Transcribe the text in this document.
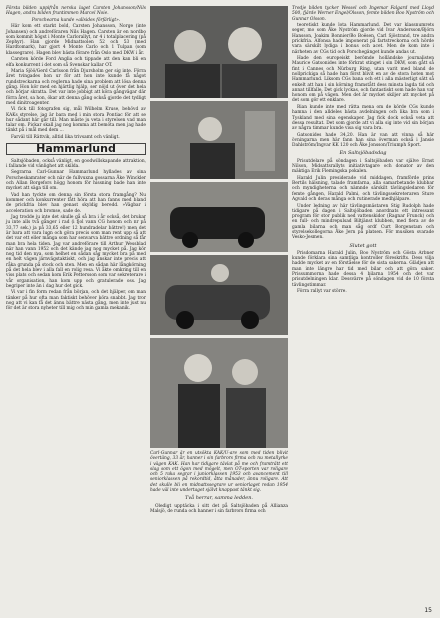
Första bilden uppifrån nerska laget Carsten Johansson/Nils Hagen, andra bilden fruntimmen Marcel Noie.

Porschearna kunde »allsides förfärligt».

Här kom ett starkt bold, Carsten Johansson, Norge (inte Johansen) och andreföraren Nils Hagen. Carsten är en nordbo som kommit högst i Monte Carlorallyt, nr 4 i totalplacering (på Zephyr). Han gjorde Midnattsolen 52 och 53 (med Hardtomark), har gjort 4 Monte Carlo och 1 Tulpan (som klassegrare). Hagen blev bästa förare från Oslo med DKW i år.

Carsten körde Ford Anglia och tippade att den kan bli en elfa konkurrent i det som så Svenskar kallar OT.

Maria Sjöö/Gerd Carlsson från Djursholm ger sig inte. Förra året tvingades hon ur för att hon inte kunde få något rundstreckarna och reglerna hade sina problem att lösa denna gång. Hon kör med en hjärtlig hjälp, ser nöjd ut över det hela och börjar skratta. Det var inte jobbigt att köra gångvägar där förra året, sa hon, ökar att denna gång också gjorde det tydligt med dinitroagenter.

Vi fick till fotografen sig, mål Wilhelm Kruse, behövd av KAKs styrelse, jag är bara med i min stora Pontiac för att se hur sådant här går till. Man måste ju veta i styrelsen vad man talar om. Pickar skall jag nog komma att bemöta men jag hade tänkt på i mål med dem ...

Farväl till Rättvik, alltid lika trivsamt och vänligt.

Hammarlund

Saltsjöbaden, också vänligt, en goodwillskapande attraktion, i fallande vid vänlighet att skilda.

Segrarna Carl-Gunnar Hammarlund hyllades av sina Porscheskamrater och när de fullvuxna gossarna Åke Winckler och Allan Borgefors högg honom för hissning bade han inte mycket att säga till om.

Vad han tyckte om denna sin första stora framgång? Nu kommer och konkurrenter fått höra att han fanns med bland de prickfria blev han genast skyldig beredd. »Vägbar i acceleration och bromse, sade de.

Jag trodde ju inte det skulle gå så bra i år också, det brukar ju inte alls två gånger i rad (i fjol vann CG honom och nr på 33,77 sek.) ja på 33,65 eller 12 hundradelar bättre!) men det är bara att vara lugn och göra precis som man rent upp så att det var ett eller många som har senvarva bättre ordning så får man bra hela tiden. Jag var andreförare till Arthur Wessblad när han vann 1952 och det kände jag nog mycket på. Jag kör nog tid den nya, som helhet en sådan såg mycket bra på med en helt vägen järnvägstaktiskt, och jag ånskar inte precis att råka grunda på stock och sten. Men en sådan här långkörning på det hela blev i alla fall en rolig resa. Vi åkte omkring till en viss plats och sedan kom Erik Pettersson som var sekreterare i vår organisation, han kom upp och gratulerade oss. Jag begriper inte än i dag hur det gick.

Vi var i fin form redan från början, och det hjälper, om man tänker på hur ofta man faktiskt behöver köra snabbt. Jag tror nog att vi kan få det ännu bättre nästa gång, men inte just nu för det är stora nyheter till mig och min gamla mekanik.

Carl-Gunnar är en utsökta KAK/U-are som med tiden blivit övertäng, 33 år, hanner i sin farbrors firma och nu metallyrke i vägen KAK. Han har tidigare tävlat på me och framträtt ett slag som ett ögon med mögelt, men OT-sporten var roligare och 5 raka segrar i juniorklassen 1953 och avancement till seniorklassen på rekordtid, åtta månader, ännu roligare. Att det skulle bli en midnattssegrare ur seniorlaget redan 1954 hade väl inte undertaget självt knappast tänkt sig.

Två herrar, samma ledden.

Oledigt upptäcka i sitt det på Saltsjöbaden på Allianza Malsjö, de runda och hanner i sin farbrors firma och

Tredje bilden tycker Wessel och Ingemar Falgard med Lloyd 500, fjärde Werner Engel/Olsson, femte bilden Boo Nyström och Gunnar Olsson.

teoretiskt kunde lota Hammarlund. Det var klassnumrets seger, mo som Åke Nyström gjorde vid Ivar Andersson/Björn Hansson, Joakim Bonnier/Bo Boësen, Carl Sjöstrand, tre andra prickfria. Alfonsa hade imponerat på fartstreckorna och hörde vara särskilt lydiga i bonus och acet. Men de kom inte i närheten av CGs tid och Porschegänget kunde andas ut.

Hade den europeiskt berömde holländske journalisten Maurice Gatsonides inte förkrat stinget i sin DKW, som gått så fint i Cannes och Nürburg Ring, utan varit med bland de nollprickiga så hade han först blivit en av de stora hoten mot Hammarlund. Liksom CGs bana och ett i alla mästerligt sätt så enkelt att han i sin körning framstått dess minsta lagda tid och annat tillfalle. Det gick lyckas, och fantastiskt som hade han var honom om på vägen. Men det är mycket skiljer att mycket på det som gör ett enklare.

Rian kunde inte med rätta mena om de körde CGs kunde hamna i den alldeles bästa avdelningen och lika bra som i Tyskland med sina egenskaper. Jag fick dock också veta att dessa resultat. Det som gjorde att vi alla sig inte vid sin början av några timmar kunde visa sig vara bra.

Gatsonides hade 34,20. Han är van att vinna så här övningarna men här fann han sina överman också i Jansie Dahlström/Ingvar KK 120 och Åke Jonsson/Triumph Sport.

En Saltsjöbadsdag

Prisutdelare på söndagen i Saltsjöbaden var själve Ernst Nilson, Midsattsrallyts initiativtagare och donator av den mäktiga Erik Flemingska pokalen.

Harald Julin presiderade vid middagen, framförde prins Bertils hälsning, talade framfarna, alla samarbetande klubbar och myndigheterna och nämnde särskilt tävlingsledaren för femte gången, Harald Palmi, och tävlingssekreteraren Sture Agvald och deras många och rutinerade medhjälpare.

Under ledning av här tävlingsmästaren Stig Rudolph hade tidigare på dagen i Saltsjöbaden anordnats ett intressant program för stor publik ned vattenskidor (Ragnar Frunck) och en full- och mindrepulsad Biltjänst klubben, med flera av de gamla bilarna och man såg ordf Curt Borgenstam och styrelsekollegorna Åke Jern på platsen. För musiken svarade Vesko-Jesmen.

Slutet gott

Prisdomarna Harald Julin, Boo Nyström och Gösta Arbner kunde förklara sina samtliga kontroller föreskrifts. Dess vilja hadde mycket av en förståelse för de sista sakerna. Glädjen att man inte längre har tid med bilar och att göra saker. Prissummorna hade dessa 4 bilarna 1954 och det var prisutdelningen klar. Dessvärre på söndagen vid de 10 första tävlingstimmar.

Förra rallyt var större.

15
